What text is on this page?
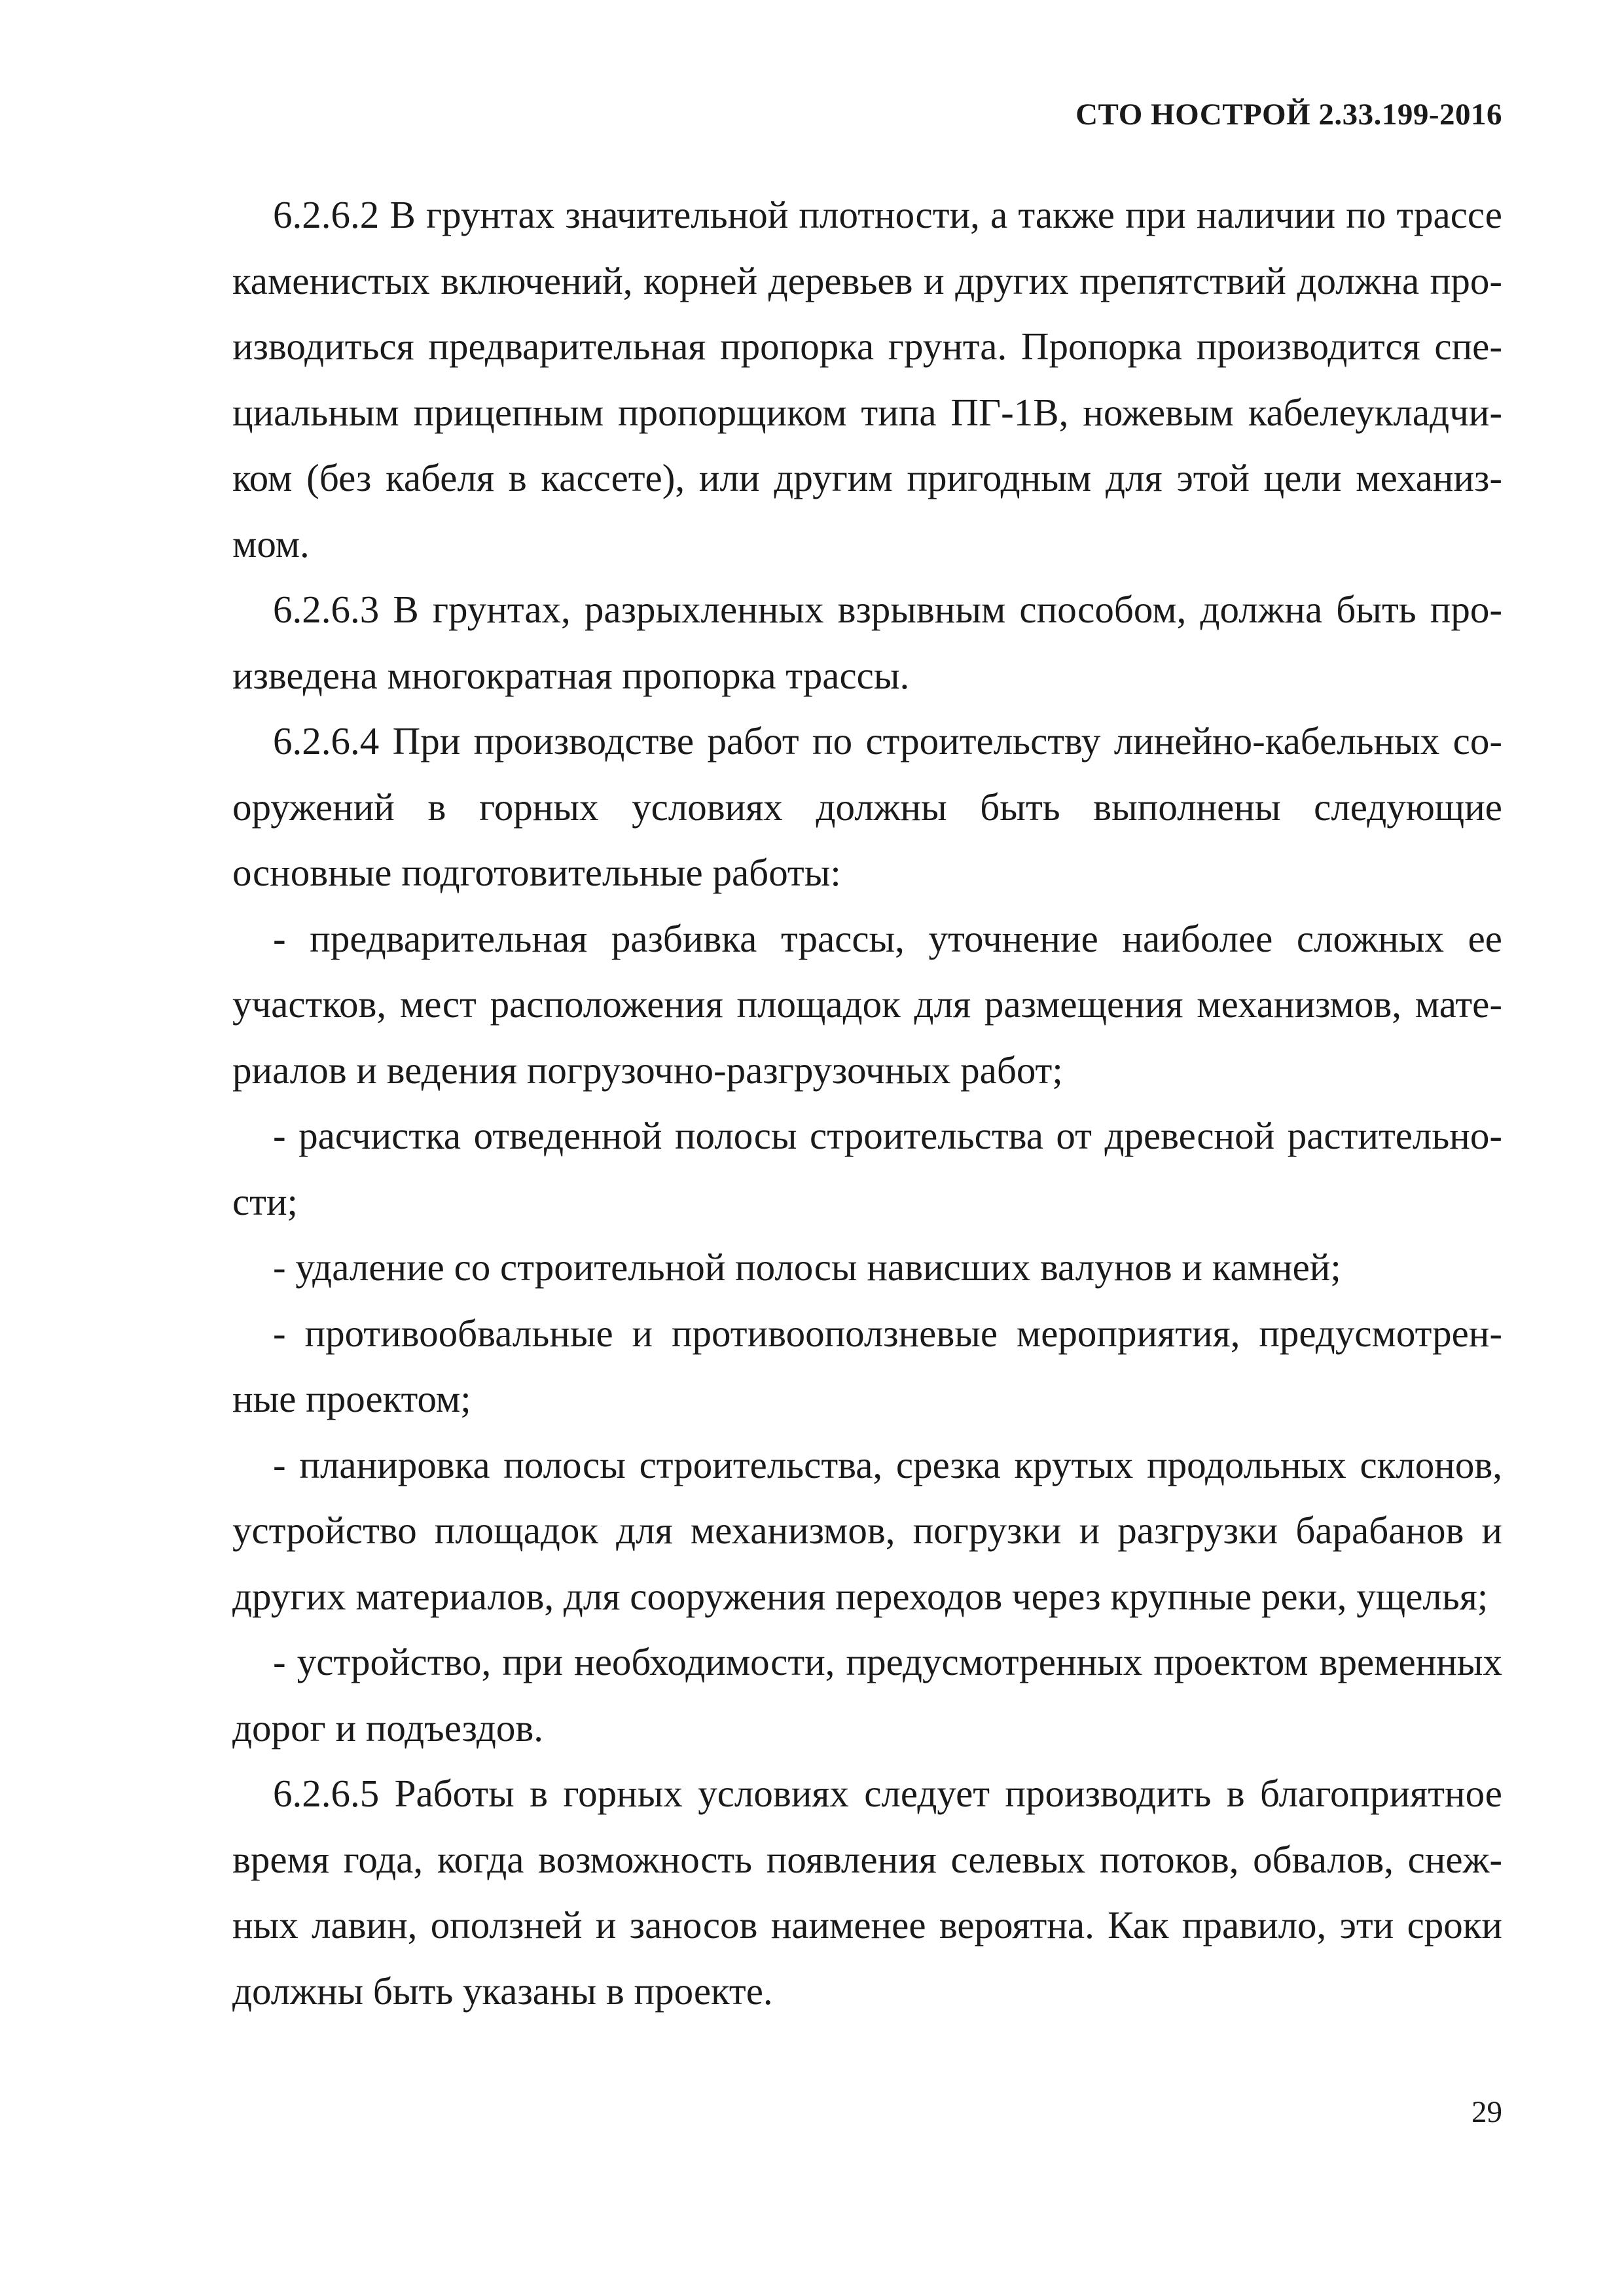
СТО НОСТРОЙ 2.33.199-2016

6.2.6.2 В грунтах значительной плотности, а также при наличии по трассе каменистых включений, корней деревьев и других препятствий должна производиться предварительная пропорка грунта. Пропорка производится специальным прицепным пропорщиком типа ПГ-1В, ножевым кабелеукладчиком (без кабеля в кассете), или другим пригодным для этой цели механизмом.

6.2.6.3 В грунтах, разрыхленных взрывным способом, должна быть произведена многократная пропорка трассы.

6.2.6.4 При производстве работ по строительству линейно-кабельных сооружений в горных условиях должны быть выполнены следующие основные подготовительные работы:

- предварительная разбивка трассы, уточнение наиболее сложных ее участков, мест расположения площадок для размещения механизмов, материалов и ведения погрузочно-разгрузочных работ;

- расчистка отведенной полосы строительства от древесной растительности;

- удаление со строительной полосы нависших валунов и камней;

- противообвальные и противооползневые мероприятия, предусмотренные проектом;

- планировка полосы строительства, срезка крутых продольных склонов, устройство площадок для механизмов, погрузки и разгрузки барабанов и других материалов, для сооружения переходов через крупные реки, ущелья;

- устройство, при необходимости, предусмотренных проектом временных дорог и подъездов.

6.2.6.5 Работы в горных условиях следует производить в благоприятное время года, когда возможность появления селевых потоков, обвалов, снежных лавин, оползней и заносов наименее вероятна. Как правило, эти сроки должны быть указаны в проекте.

29
